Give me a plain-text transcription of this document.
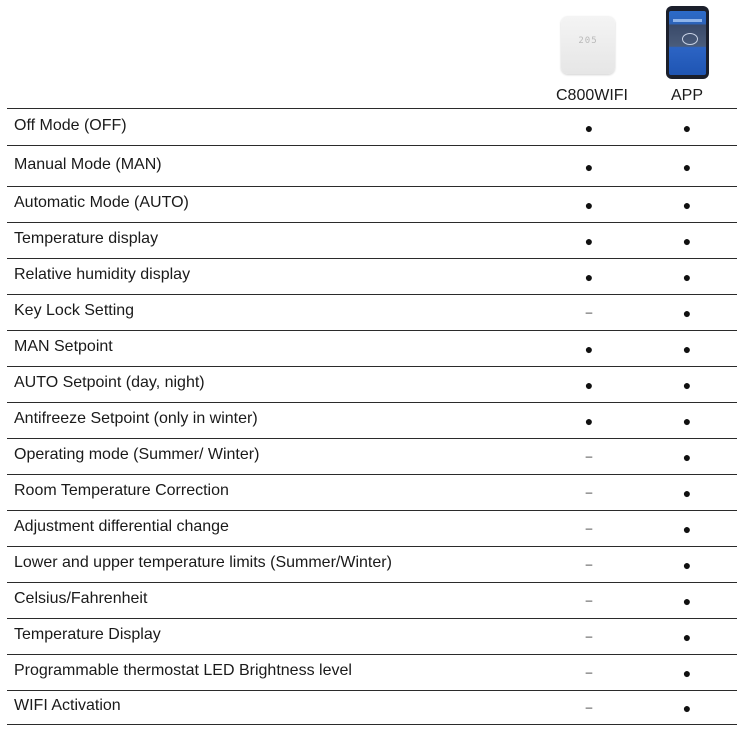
205
C800WIFI	APP
Off Mode (OFF)	●	●
Manual Mode (MAN)	●	●
Automatic Mode (AUTO)	●	●
Temperature display	●	●
Relative humidity display	●	●
Key Lock Setting	–	●
MAN Setpoint	●	●
AUTO Setpoint (day, night)	●	●
Antifreeze Setpoint (only in winter)	●	●
Operating mode (Summer/ Winter)	–	●
Room Temperature Correction	–	●
Adjustment differential change	–	●
Lower and upper temperature limits (Summer/Winter)	–	●
Celsius/Fahrenheit	–	●
Temperature Display	–	●
Programmable thermostat LED Brightness level	–	●
WIFI Activation	–	●
